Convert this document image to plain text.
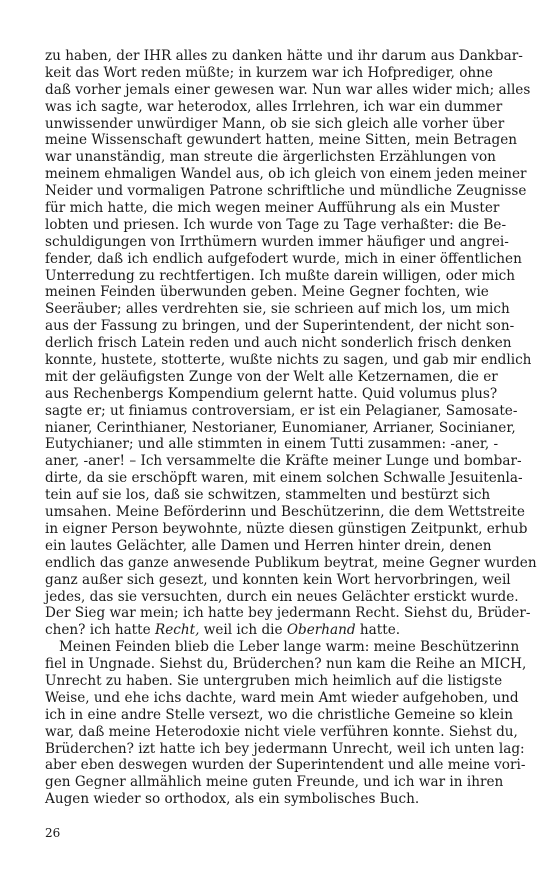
zu haben, der IHR alles zu danken hätte und ihr darum aus Dankbar-
keit das Wort reden müßte; in kurzem war ich Hofprediger, ohne
daß vorher jemals einer gewesen war. Nun war alles wider mich; alles
was ich sagte, war heterodox, alles Irrlehren, ich war ein dummer
unwissender unwürdiger Mann, ob sie sich gleich alle vorher über
meine Wissenschaft gewundert hatten, meine Sitten, mein Betragen
war unanständig, man streute die ärgerlichsten Erzählungen von
meinem ehmaligen Wandel aus, ob ich gleich von einem jeden meiner
Neider und vormaligen Patrone schriftliche und mündliche Zeugnisse
für mich hatte, die mich wegen meiner Aufführung als ein Muster
lobten und priesen. Ich wurde von Tage zu Tage verhaßter: die Be-
schuldigungen von Irrthümern wurden immer häufiger und angrei-
fender, daß ich endlich aufgefodert wurde, mich in einer öffentlichen
Unterredung zu rechtfertigen. Ich mußte darein willigen, oder mich
meinen Feinden überwunden geben. Meine Gegner fochten, wie
Seeräuber; alles verdrehten sie, sie schrieen auf mich los, um mich
aus der Fassung zu bringen, und der Superintendent, der nicht son-
derlich frisch Latein reden und auch nicht sonderlich frisch denken
konnte, hustete, stotterte, wußte nichts zu sagen, und gab mir endlich
mit der geläufigsten Zunge von der Welt alle Ketzernamen, die er
aus Rechenbergs Kompendium gelernt hatte. Quid volumus plus?
sagte er; ut finiamus controversiam, er ist ein Pelagianer, Samosate-
nianer, Cerinthianer, Nestorianer, Eunomianer, Arrianer, Socinianer,
Eutychianer; und alle stimmten in einem Tutti zusammen: -aner, -
aner, -aner! – Ich versammelte die Kräfte meiner Lunge und bombar-
dirte, da sie erschöpft waren, mit einem solchen Schwalle Jesuitenla-
tein auf sie los, daß sie schwitzen, stammelten und bestürzt sich
umsahen. Meine Beförderinn und Beschützerinn, die dem Wettstreite
in eigner Person beywohnte, nüzte diesen günstigen Zeitpunkt, erhub
ein lautes Gelächter, alle Damen und Herren hinter drein, denen
endlich das ganze anwesende Publikum beytrat, meine Gegner wurden
ganz außer sich gesezt, und konnten kein Wort hervorbringen, weil
jedes, das sie versuchten, durch ein neues Gelächter erstickt wurde.
Der Sieg war mein; ich hatte bey jedermann Recht. Siehst du, Brüder-
chen? ich hatte Recht, weil ich die Oberhand hatte.
Meinen Feinden blieb die Leber lange warm: meine Beschützerinn
fiel in Ungnade. Siehst du, Brüderchen? nun kam die Reihe an MICH,
Unrecht zu haben. Sie untergruben mich heimlich auf die listigste
Weise, und ehe ichs dachte, ward mein Amt wieder aufgehoben, und
ich in eine andre Stelle versezt, wo die christliche Gemeine so klein
war, daß meine Heterodoxie nicht viele verführen konnte. Siehst du,
Brüderchen? izt hatte ich bey jedermann Unrecht, weil ich unten lag:
aber eben deswegen wurden der Superintendent und alle meine vori-
gen Gegner allmählich meine guten Freunde, und ich war in ihren
Augen wieder so orthodox, als ein symbolisches Buch.
26
